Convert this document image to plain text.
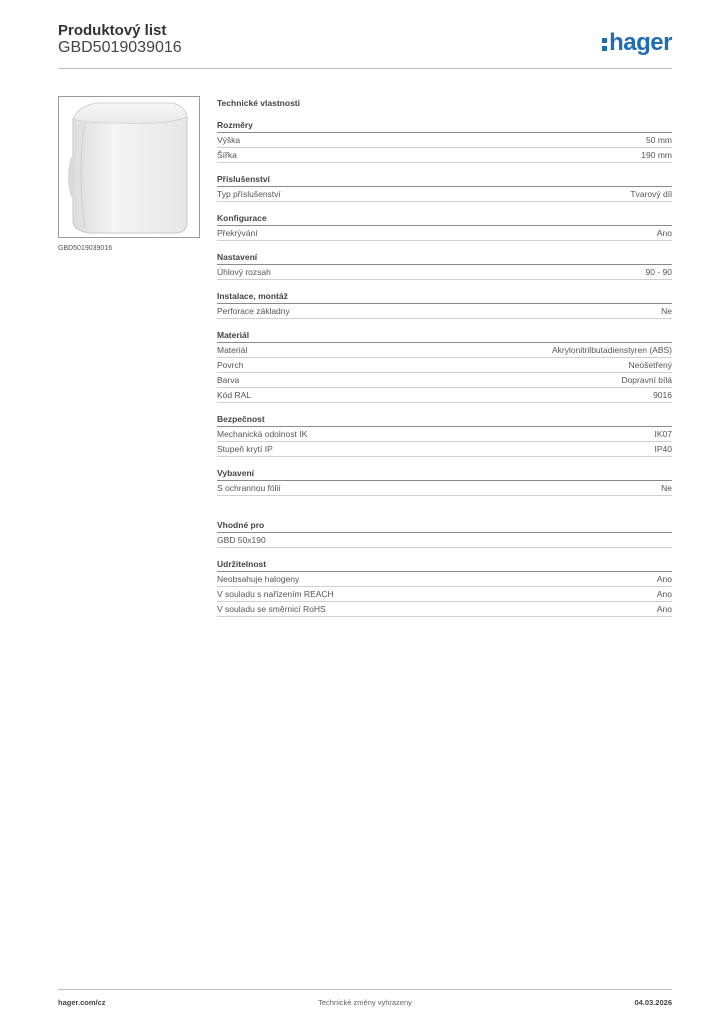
Produktový list
GBD5019039016	hager
GBD5019039016
Technické vlastnosti
Rozměry
Výška	50 mm
Šířka	190 mm
Příslušenství
Typ příslušenství	Tvarový díl
Konfigurace
Překrývání	Ano
Nastavení
Úhlový rozsah	90 - 90
Instalace, montáž
Perforace základny	Ne
Materiál
Materiál	Akrylonitrilbutadienstyren (ABS)
Povrch	Neošetřený
Barva	Dopravní bílá
Kód RAL	9016
Bezpečnost
Mechanická odolnost IK	IK07
Stupeň krytí IP	IP40
Vybavení
S ochrannou fólií	Ne
Vhodné pro
GBD 50x190
Udržitelnost
Neobsahuje halogeny	Ano
V souladu s nařízením REACH	Ano
V souladu se směrnicí RoHS	Ano
hager.com/cz	Technické změny vyhrazeny	04.03.2026
